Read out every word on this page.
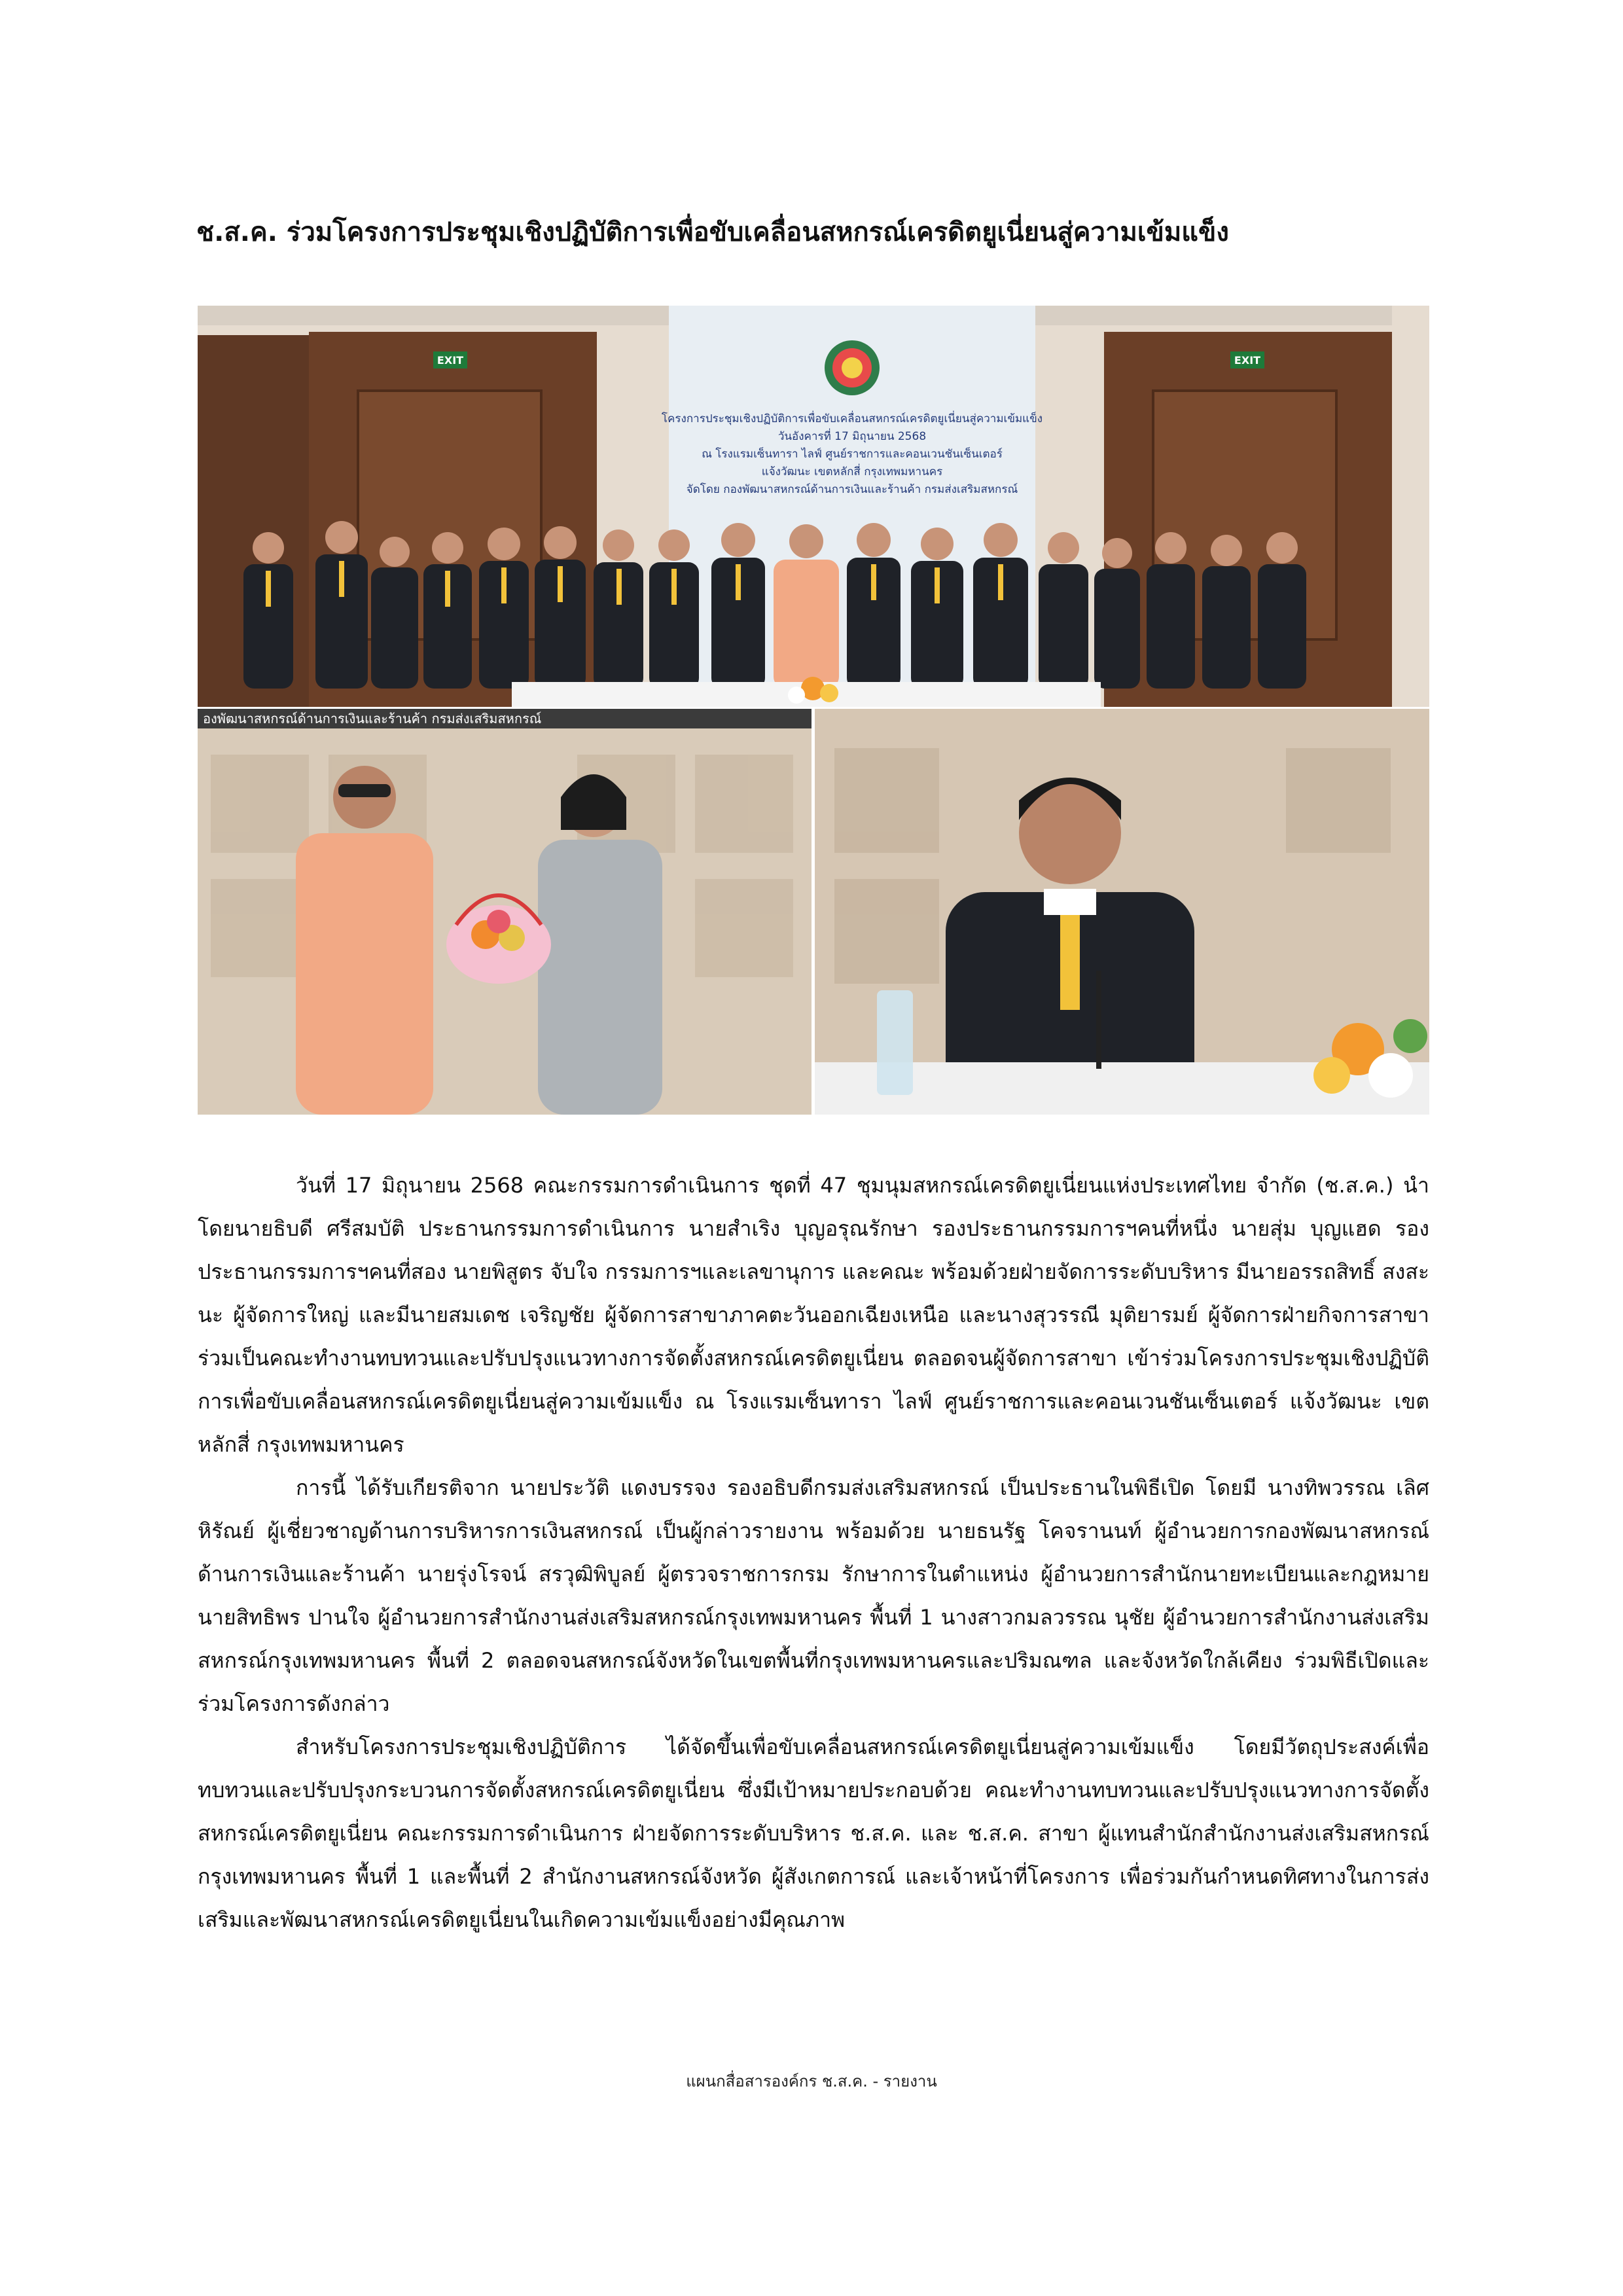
ช.ส.ค. ร่วมโครงการประชุมเชิงปฏิบัติการเพื่อขับเคลื่อนสหกรณ์เครดิตยูเนี่ยนสู่ความเข้มแข็ง
EXIT	EXIT
โครงการประชุมเชิงปฏิบัติการเพื่อขับเคลื่อนสหกรณ์เครดิตยูเนี่ยนสู่ความเข้มแข็ง
วันอังคารที่ 17 มิถุนายน 2568
ณ โรงแรมเซ็นทารา ไลฟ์ ศูนย์ราชการและคอนเวนชันเซ็นเตอร์
แจ้งวัฒนะ เขตหลักสี่ กรุงเทพมหานคร
จัดโดย กองพัฒนาสหกรณ์ด้านการเงินและร้านค้า กรมส่งเสริมสหกรณ์
องพัฒนาสหกรณ์ด้านการเงินและร้านค้า กรมส่งเสริมสหกรณ์

วันที่ 17 มิถุนายน 2568 คณะกรรมการดำเนินการ ชุดที่ 47 ชุมนุมสหกรณ์เครดิตยูเนี่ยนแห่งประเทศไทย จำกัด (ช.ส.ค.) นำโดยนายธิบดี ศรีสมบัติ ประธานกรรมการดำเนินการ นายสำเริง บุญอรุณรักษา รองประธานกรรมการฯคนที่หนึ่ง นายสุ่ม บุญแฮด รองประธานกรรมการฯคนที่สอง นายพิสูตร จับใจ กรรมการฯและเลขานุการ และคณะ พร้อมด้วยฝ่ายจัดการระดับบริหาร มีนายอรรถสิทธิ์ สงสะนะ ผู้จัดการใหญ่ และมีนายสมเดช เจริญชัย ผู้จัดการสาขาภาคตะวันออกเฉียงเหนือ และนางสุวรรณี มุติยารมย์ ผู้จัดการฝ่ายกิจการสาขา ร่วมเป็นคณะทำงานทบทวนและปรับปรุงแนวทางการจัดตั้งสหกรณ์เครดิตยูเนี่ยน ตลอดจนผู้จัดการสาขา เข้าร่วมโครงการประชุมเชิงปฏิบัติการเพื่อขับเคลื่อนสหกรณ์เครดิตยูเนี่ยนสู่ความเข้มแข็ง ณ โรงแรมเซ็นทารา ไลฟ์ ศูนย์ราชการและคอนเวนชันเซ็นเตอร์ แจ้งวัฒนะ เขตหลักสี่ กรุงเทพมหานคร

การนี้ ได้รับเกียรติจาก นายประวัติ แดงบรรจง รองอธิบดีกรมส่งเสริมสหกรณ์ เป็นประธานในพิธีเปิด โดยมี นางทิพวรรณ เลิศหิรัณย์ ผู้เชี่ยวชาญด้านการบริหารการเงินสหกรณ์ เป็นผู้กล่าวรายงาน พร้อมด้วย นายธนรัฐ โคจรานนท์ ผู้อำนวยการกองพัฒนาสหกรณ์ด้านการเงินและร้านค้า นายรุ่งโรจน์ สรวุฒิพิบูลย์ ผู้ตรวจราชการกรม รักษาการในตำแหน่ง ผู้อำนวยการสำนักนายทะเบียนและกฎหมาย นายสิทธิพร ปานใจ ผู้อำนวยการสำนักงานส่งเสริมสหกรณ์กรุงเทพมหานคร พื้นที่ 1 นางสาวกมลวรรณ นุชัย ผู้อำนวยการสำนักงานส่งเสริมสหกรณ์กรุงเทพมหานคร พื้นที่ 2 ตลอดจนสหกรณ์จังหวัดในเขตพื้นที่กรุงเทพมหานครและปริมณฑล และจังหวัดใกล้เคียง ร่วมพิธีเปิดและร่วมโครงการดังกล่าว

สำหรับโครงการประชุมเชิงปฏิบัติการ ได้จัดขึ้นเพื่อขับเคลื่อนสหกรณ์เครดิตยูเนี่ยนสู่ความเข้มแข็ง โดยมีวัตถุประสงค์เพื่อทบทวนและปรับปรุงกระบวนการจัดตั้งสหกรณ์เครดิตยูเนี่ยน ซึ่งมีเป้าหมายประกอบด้วย คณะทำงานทบทวนและปรับปรุงแนวทางการจัดตั้งสหกรณ์เครดิตยูเนี่ยน คณะกรรมการดำเนินการ ฝ่ายจัดการระดับบริหาร ช.ส.ค. และ ช.ส.ค. สาขา ผู้แทนสำนักสำนักงานส่งเสริมสหกรณ์กรุงเทพมหานคร พื้นที่ 1 และพื้นที่ 2 สำนักงานสหกรณ์จังหวัด ผู้สังเกตการณ์ และเจ้าหน้าที่โครงการ เพื่อร่วมกันกำหนดทิศทางในการส่งเสริมและพัฒนาสหกรณ์เครดิตยูเนี่ยนในเกิดความเข้มแข็งอย่างมีคุณภาพ

แผนกสื่อสารองค์กร ช.ส.ค. - รายงาน
